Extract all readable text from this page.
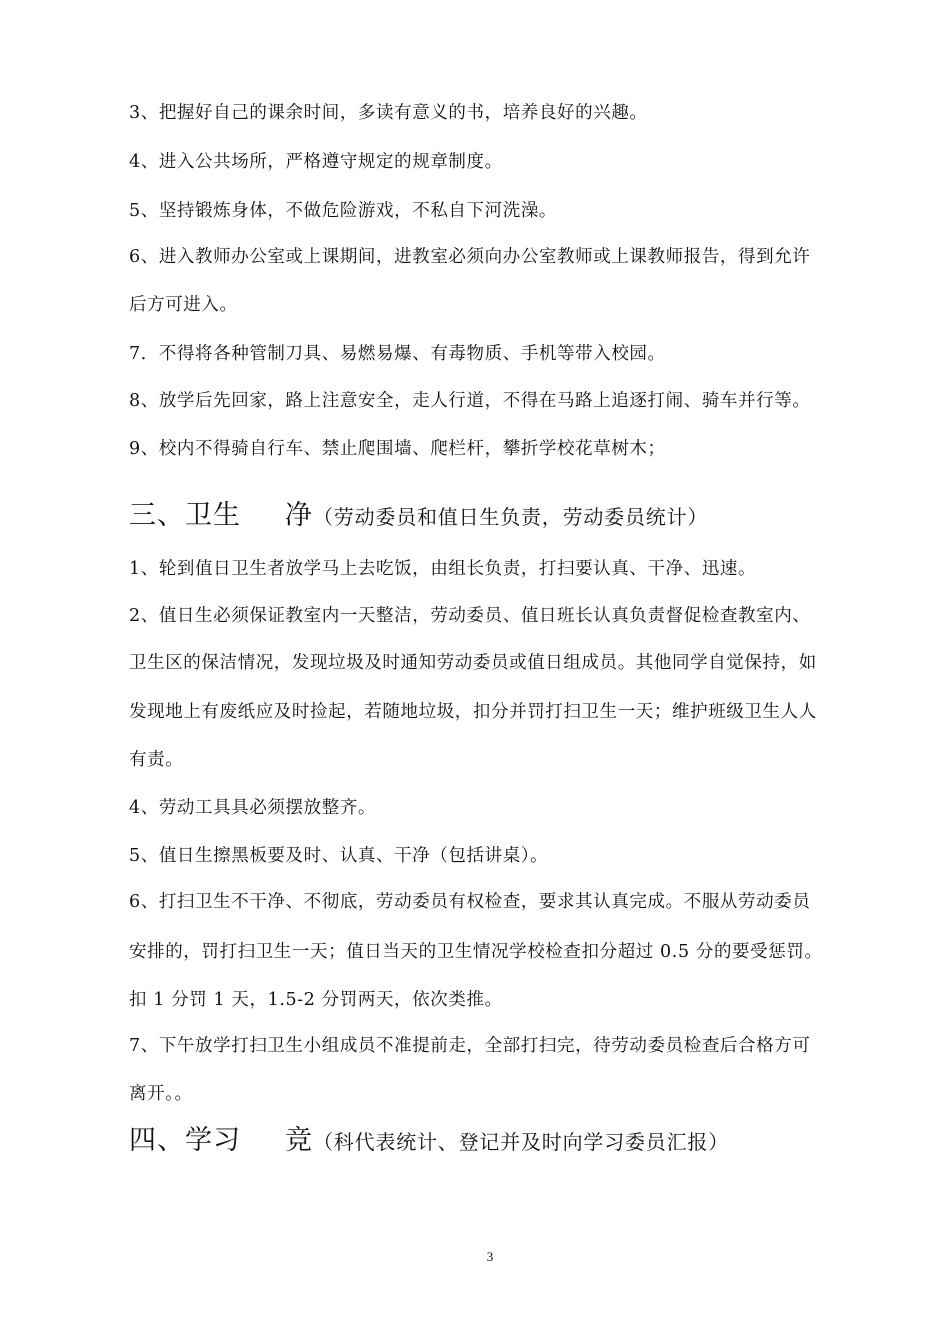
3、把握好自己的课余时间，多读有意义的书，培养良好的兴趣。
4、进入公共场所，严格遵守规定的规章制度。
5、坚持锻炼身体，不做危险游戏，不私自下河洗澡。
6、进入教师办公室或上课期间，进教室必须向办公室教师或上课教师报告，得到允许
后方可进入。
7．不得将各种管制刀具、易燃易爆、有毒物质、手机等带入校园。
8、放学后先回家，路上注意安全，走人行道，不得在马路上追逐打闹、骑车并行等。
9、校内不得骑自行车、禁止爬围墙、爬栏杆，攀折学校花草树木；
三、卫生 净（劳动委员和值日生负责，劳动委员统计）
1、轮到值日卫生者放学马上去吃饭，由组长负责，打扫要认真、干净、迅速。
2、值日生必须保证教室内一天整洁，劳动委员、值日班长认真负责督促检查教室内、
卫生区的保洁情况，发现垃圾及时通知劳动委员或值日组成员。其他同学自觉保持，如
发现地上有废纸应及时捡起，若随地垃圾，扣分并罚打扫卫生一天；维护班级卫生人人
有责。
4、劳动工具具必须摆放整齐。
5、值日生擦黑板要及时、认真、干净（包括讲桌）。
6、打扫卫生不干净、不彻底，劳动委员有权检查，要求其认真完成。不服从劳动委员
安排的，罚打扫卫生一天；值日当天的卫生情况学校检查扣分超过 0.5 分的要受惩罚。
扣 1 分罚 1 天，1.5-2 分罚两天，依次类推。
7、下午放学打扫卫生小组成员不准提前走，全部打扫完，待劳动委员检查后合格方可
离开。。
四、学习 竞（科代表统计、登记并及时向学习委员汇报）
3
